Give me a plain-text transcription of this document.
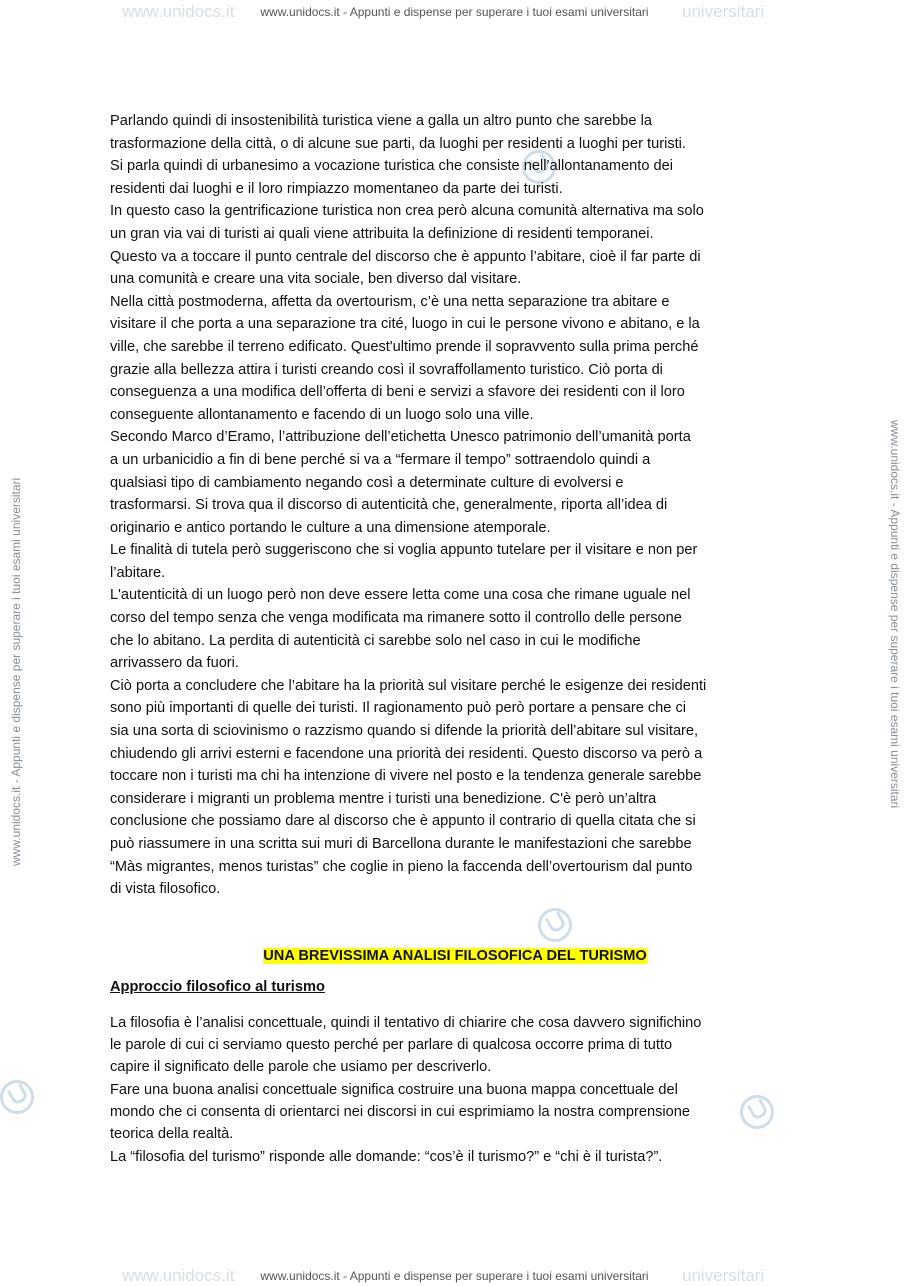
www.unidocs.it	universitari
www.unidocs.it - Appunti e dispense per superare i tuoi esami universitari
www.unidocs.it - Appunti e dispense per superare i tuoi esami universitari	www.unidocs.it - Appunti e dispense per superare i tuoi esami universitari

Parlando quindi di insostenibilità turistica viene a galla un altro punto che sarebbe la

trasformazione della città, o di alcune sue parti, da luoghi per residenti a luoghi per turisti.

Si parla quindi di urbanesimo a vocazione turistica che consiste nell’allontanamento dei

residenti dai luoghi e il loro rimpiazzo momentaneo da parte dei turisti.

In questo caso la gentrificazione turistica non crea però alcuna comunità alternativa ma solo

un gran via vai di turisti ai quali viene attribuita la definizione di residenti temporanei.

Questo va a toccare il punto centrale del discorso che è appunto l’abitare, cioè il far parte di

una comunità e creare una vita sociale, ben diverso dal visitare.

Nella città postmoderna, affetta da overtourism, c’è una netta separazione tra abitare e

visitare il che porta a una separazione tra cité, luogo in cui le persone vivono e abitano, e la

ville, che sarebbe il terreno edificato. Quest'ultimo prende il sopravvento sulla prima perché

grazie alla bellezza attira i turisti creando così il sovraffollamento turistico. Ciò porta di

conseguenza a una modifica dell’offerta di beni e servizi a sfavore dei residenti con il loro

conseguente allontanamento e facendo di un luogo solo una ville.

Secondo Marco d’Eramo, l’attribuzione dell’etichetta Unesco patrimonio dell’umanità porta

a un urbanicidio a fin di bene perché si va a “fermare il tempo” sottraendolo quindi a

qualsiasi tipo di cambiamento negando così a determinate culture di evolversi e

trasformarsi. Si trova qua il discorso di autenticità che, generalmente, riporta all’idea di

originario e antico portando le culture a una dimensione atemporale.

Le finalità di tutela però suggeriscono che si voglia appunto tutelare per il visitare e non per

l’abitare.

L'autenticità di un luogo però non deve essere letta come una cosa che rimane uguale nel

corso del tempo senza che venga modificata ma rimanere sotto il controllo delle persone

che lo abitano. La perdita di autenticità ci sarebbe solo nel caso in cui le modifiche

arrivassero da fuori.

Ciò porta a concludere che l’abitare ha la priorità sul visitare perché le esigenze dei residenti

sono più importanti di quelle dei turisti. Il ragionamento può però portare a pensare che ci

sia una sorta di sciovinismo o razzismo quando si difende la priorità dell’abitare sul visitare,

chiudendo gli arrivi esterni e facendone una priorità dei residenti. Questo discorso va però a

toccare non i turisti ma chi ha intenzione di vivere nel posto e la tendenza generale sarebbe

considerare i migranti un problema mentre i turisti una benedizione. C'è però un’altra

conclusione che possiamo dare al discorso che è appunto il contrario di quella citata che si

può riassumere in una scritta sui muri di Barcellona durante le manifestazioni che sarebbe

“Màs migrantes, menos turistas” che coglie in pieno la faccenda dell’overtourism dal punto

di vista filosofico.

UNA BREVISSIMA ANALISI FILOSOFICA DEL TURISMO

Approccio filosofico al turismo

La filosofia è l’analisi concettuale, quindi il tentativo di chiarire che cosa davvero significhino

le parole di cui ci serviamo questo perché per parlare di qualcosa occorre prima di tutto

capire il significato delle parole che usiamo per descriverlo.

Fare una buona analisi concettuale significa costruire una buona mappa concettuale del

mondo che ci consenta di orientarci nei discorsi in cui esprimiamo la nostra comprensione

teorica della realtà.

La “filosofia del turismo” risponde alle domande: “cos’è il turismo?” e “chi è il turista?”.

www.unidocs.it	universitari
www.unidocs.it - Appunti e dispense per superare i tuoi esami universitari
